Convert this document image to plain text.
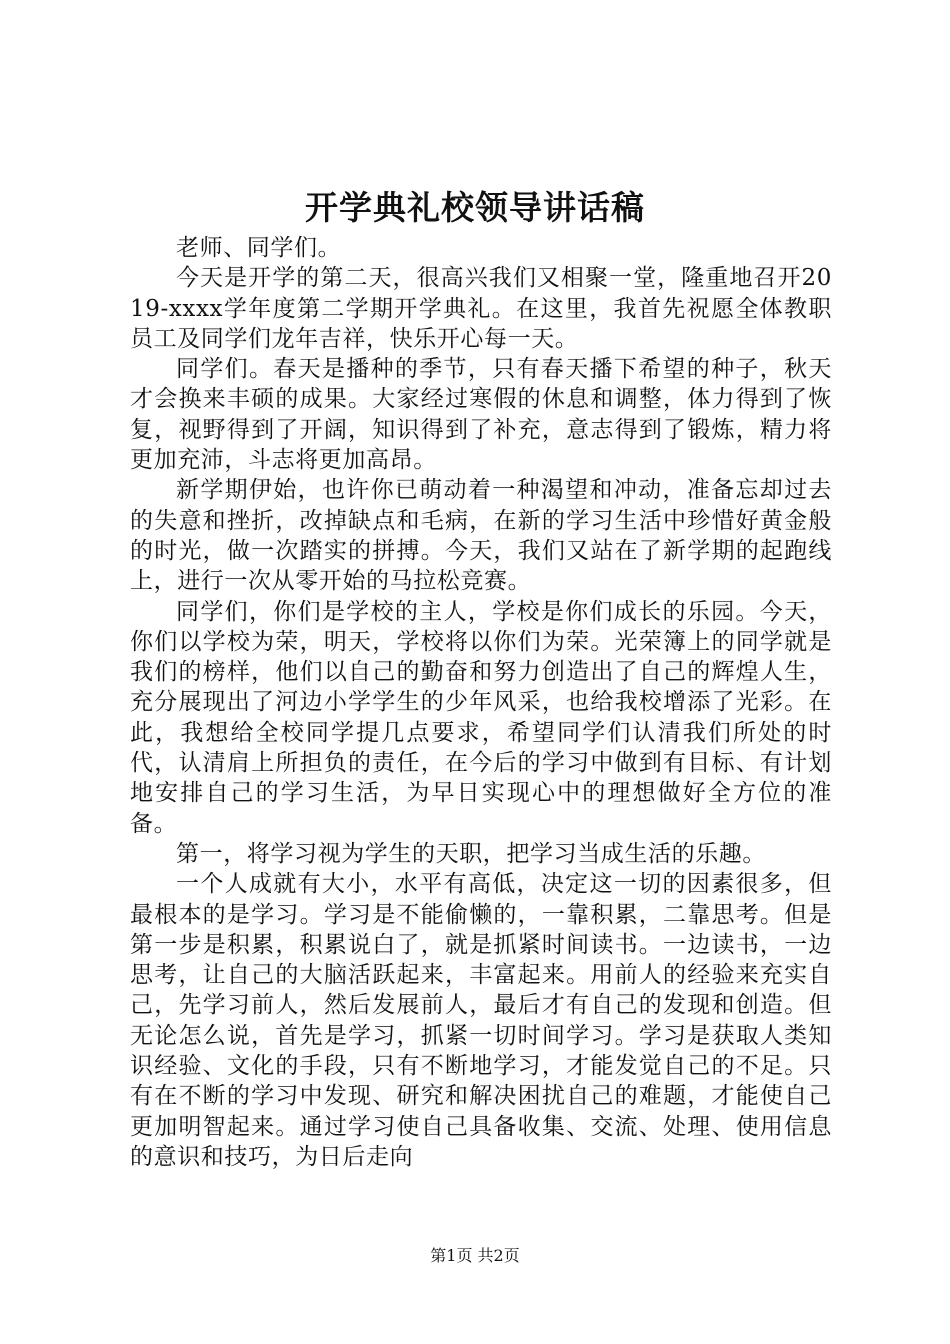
开学典礼校领导讲话稿

老师、同学们。

今天是开学的第二天，很高兴我们又相聚一堂，隆重地召开2019-xxxx学年度第二学期开学典礼。在这里，我首先祝愿全体教职员工及同学们龙年吉祥，快乐开心每一天。

同学们。春天是播种的季节，只有春天播下希望的种子，秋天才会换来丰硕的成果。大家经过寒假的休息和调整，体力得到了恢复，视野得到了开阔，知识得到了补充，意志得到了锻炼，精力将更加充沛，斗志将更加高昂。

新学期伊始，也许你已萌动着一种渴望和冲动，准备忘却过去的失意和挫折，改掉缺点和毛病，在新的学习生活中珍惜好黄金般的时光，做一次踏实的拼搏。今天，我们又站在了新学期的起跑线上，进行一次从零开始的马拉松竞赛。

同学们，你们是学校的主人，学校是你们成长的乐园。今天，你们以学校为荣，明天，学校将以你们为荣。光荣簿上的同学就是我们的榜样，他们以自己的勤奋和努力创造出了自己的辉煌人生，充分展现出了河边小学学生的少年风采，也给我校增添了光彩。在此，我想给全校同学提几点要求，希望同学们认清我们所处的时代，认清肩上所担负的责任，在今后的学习中做到有目标、有计划地安排自己的学习生活，为早日实现心中的理想做好全方位的准备。

第一，将学习视为学生的天职，把学习当成生活的乐趣。

一个人成就有大小，水平有高低，决定这一切的因素很多，但最根本的是学习。学习是不能偷懒的，一靠积累，二靠思考。但是第一步是积累，积累说白了，就是抓紧时间读书。一边读书，一边思考，让自己的大脑活跃起来，丰富起来。用前人的经验来充实自己，先学习前人，然后发展前人，最后才有自己的发现和创造。但无论怎么说，首先是学习，抓紧一切时间学习。学习是获取人类知识经验、文化的手段，只有不断地学习，才能发觉自己的不足。只有在不断的学习中发现、研究和解决困扰自己的难题，才能使自己更加明智起来。通过学习使自己具备收集、交流、处理、使用信息的意识和技巧，为日后走向

第1页 共2页
